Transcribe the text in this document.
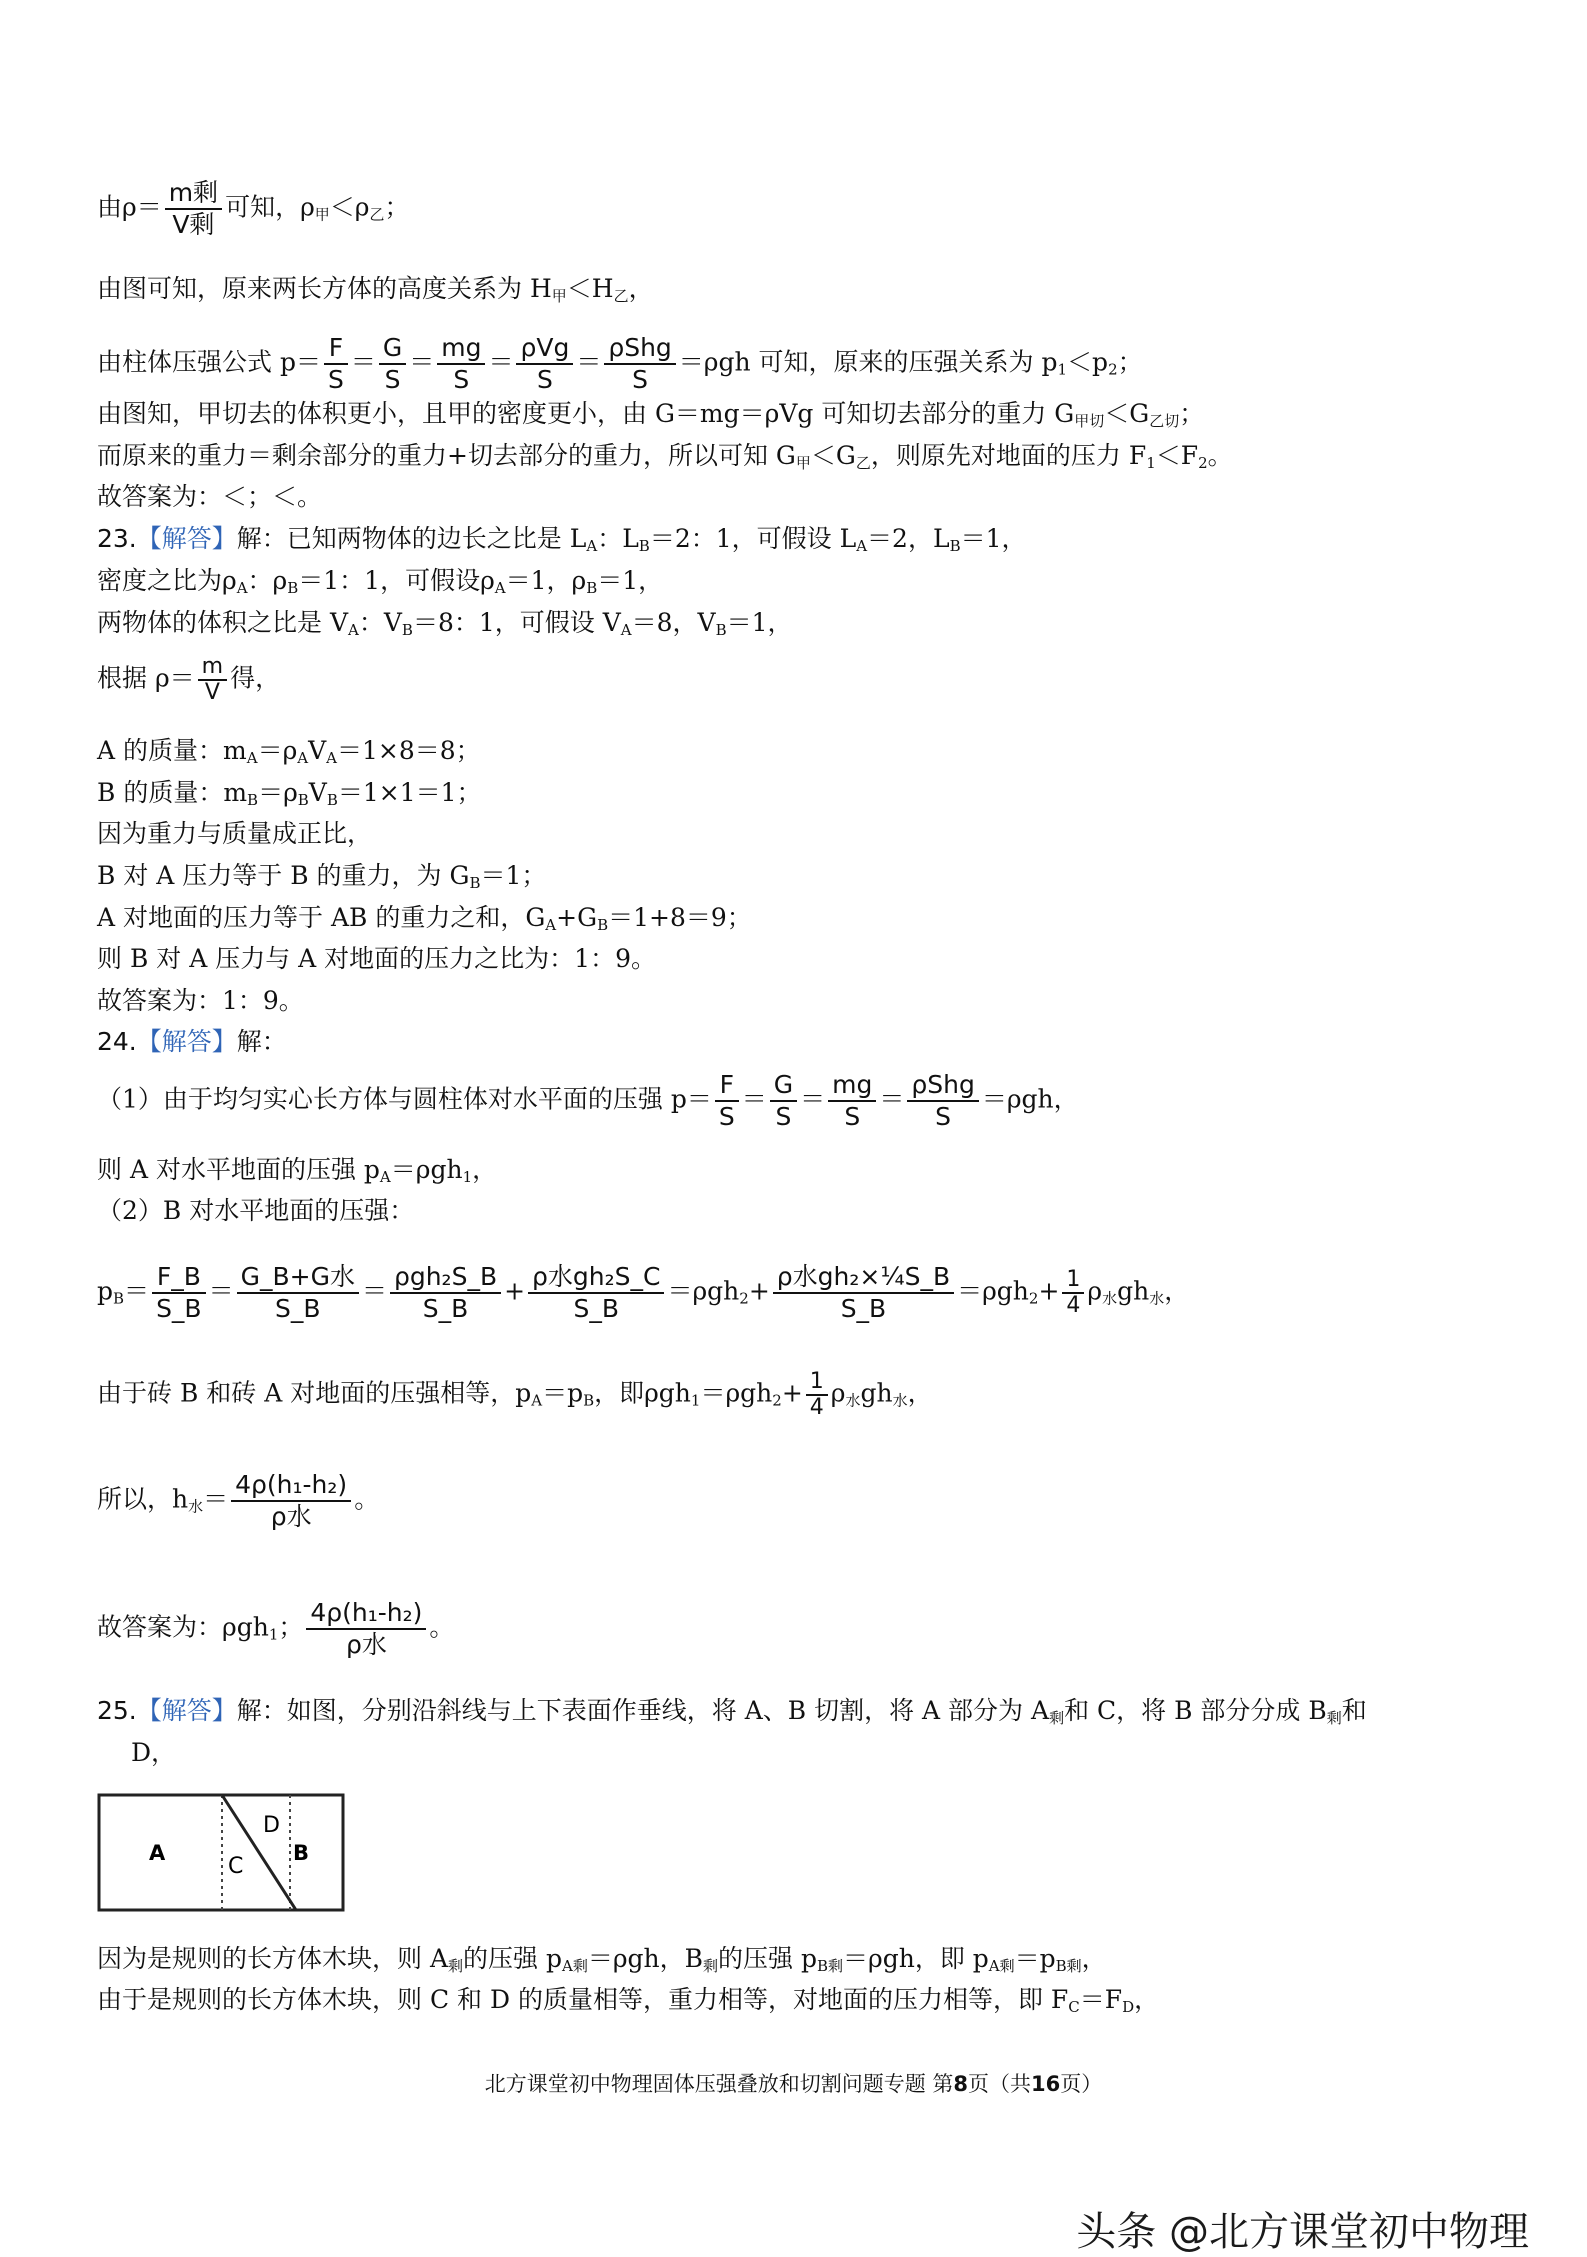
由$\rho= \frac{\text{m剩}}{\text{V剩}}$ 可知，$\rho_甲<\rho_乙$；
由图可知，原来两长方体的高度关系为 $H_甲<H_乙$，
由柱体压强公式 $p= \frac{F}{S} = \frac{G}{S} = \frac{mg}{S} = \frac{\text{ρVg}}{S} = \frac{\text{ρShg}}{S} =\rho gh$ 可知，原来的压强关系为 $p_1<p_2$；
由图知，甲切去的体积更小，且甲的密度更小，由 G＝mg＝ρVg 可知切去部分的重力 $G_{甲切}<G_{乙切}$；
而原来的重力＝剩余部分的重力+切去部分的重力，所以可知 $G_甲<G_乙$，则原先对地面的压力 $F_1<F_2$。
故答案为：＜；＜。
23.【解答】解：已知两物体的边长之比是 $L_A$：$L_B=2$：1，可假设 $L_A=2$，$L_B=1$，
密度之比为$\rho_A$：$\rho_B=1$：1，可假设$\rho_A=1$，$\rho_B=1$，
两物体的体积之比是 $V_A$：$V_B=8$：1，可假设 $V_A=8$，$V_B=1$，
根据 $\rho= \frac{m}{V}$ 得，
A 的质量：$m_A=\rho_AV_A=1\times 8=8$；
B 的质量：$m_B=\rho_BV_B=1\times 1=1$；
因为重力与质量成正比，
B 对 A 压力等于 B 的重力，为 $G_B=1$；
A 对地面的压力等于 AB 的重力之和，$G_A+G_B=1+8=9$；
则 B 对 A 压力与 A 对地面的压力之比为：1：9。
故答案为：1：9。
24.【解答】解：
（1）由于均匀实心长方体与圆柱体对水平面的压强 $p= \frac{F}{S} = \frac{G}{S} = \frac{mg}{S} = \frac{\text{ρShg}}{S} =\rho gh$，
则 A 对水平地面的压强 $p_A=\rho gh_1$，
（2）B 对水平地面的压强：
$p_B= \frac{F\_B}{S\_B} = \frac{\text{G\_B+G水}}{S\_B} = \frac{\text{ρgh₂S\_B}}{S\_B} + \frac{\text{ρ水gh₂S\_C}}{S\_B} =\rho gh_2+ \frac{\text{ρ水gh₂×¼S\_B}}{S\_B} =\rho gh_2+ \frac{1}{4} \rho_水gh_水$，
由于砖 B 和砖 A 对地面的压强相等，$p_A=p_B$，即$\rho gh_1=\rho gh_2+ \frac{1}{4} \rho_水gh_水$，
所以，$h_水= \frac{\text{4ρ(h₁-h₂)}}{\text{ρ水}}$ 。
故答案为：ρgh$_1$； $\frac{\text{4ρ(h₁-h₂)}}{\text{ρ水}}$ 。
25.【解答】解：如图，分别沿斜线与上下表面作垂线，将 A、B 切割，将 A 部分为 $A_剩$和 C，将 B 部分分成 $B_剩$和
D，
A
C
D
B
因为是规则的长方体木块，则 $A_剩$的压强 $p_{A剩}=\rho gh$，$B_剩$的压强 $p_{B剩}=\rho gh$，即 $p_{A剩}=p_{B剩}$，
由于是规则的长方体木块，则 C 和 D 的质量相等，重力相等，对地面的压力相等，即 $F_C=F_D$，
北方课堂初中物理固体压强叠放和切割问题专题 第8页（共16页）
头条 @北方课堂初中物理
